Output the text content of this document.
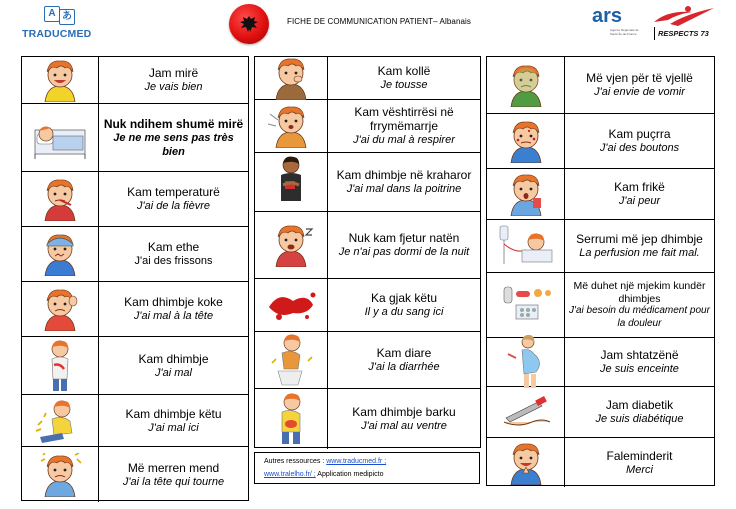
A あ
TRADUCMED
FICHE DE COMMUNICATION PATIENT– Albanais	ars
Agence Régionale de Santé Île-de-France	RESPECTS 73
Jam mirë
Je vais bien
Nuk ndihem shumë mirë
Je ne me sens pas très bien
Kam temperaturë
J'ai de la fièvre
Kam ethe
J'ai des frissons
Kam dhimbje koke
J'ai mal à la tête
Kam dhimbje
J'ai mal
Kam dhimbje këtu
J'ai mal ici
Më merren mend
J'ai la tête qui tourne
Kam kollë
Je tousse
Kam vështirrësi në frrymëmarrje
J'ai du mal à respirer
Kam dhimbje në kraharor
J'ai mal dans la poitrine
Nuk kam fjetur natën
Je n'ai pas dormi de la nuit
Ka gjak këtu
Il y a du sang ici
Kam diare
J'ai la diarrhée
Kam dhimbje barku
J'ai mal au ventre
Më vjen për të vjellë
J'ai envie de vomir
Kam puçrra
J'ai des boutons
Kam frikë
J'ai peur
Serrumi më jep dhimbje
La perfusion me fait mal.
Më duhet një mjekim kundër dhimbjes
J'ai besoin du médicament pour la douleur
Jam shtatzënë
Je suis enceinte
Jam diabetik
Je suis diabétique
Faleminderit
Merci
Autres ressources : www.traducmed.fr ;
www.tralelho.fr/ ; Application medipicto
